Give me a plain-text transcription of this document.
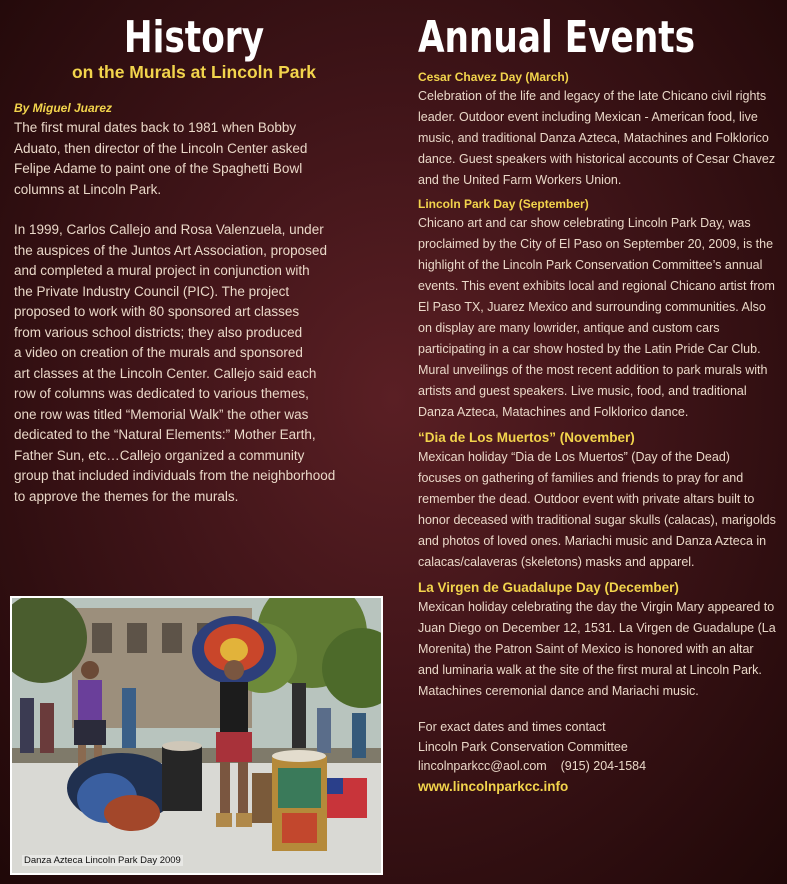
History
on the Murals at Lincoln Park

By Miguel Juarez

The first mural dates back to 1981 when Bobby
Aduato, then director of the Lincoln Center asked
Felipe Adame to paint one of the Spaghetti Bowl
columns at Lincoln Park.

In 1999, Carlos Callejo and Rosa Valenzuela, under
the auspices of the Juntos Art Association, proposed
and completed a mural project in conjunction with
the Private Industry Council (PIC). The project
proposed to work with 80 sponsored art classes
from various school districts; they also produced
a video on creation of the murals and sponsored
art classes at the Lincoln Center. Callejo said each
row of columns was dedicated to various themes,
one row was titled “Memorial Walk” the other was
dedicated to the “Natural Elements:” Mother Earth,
Father Sun, etc…Callejo organized a community
group that included individuals from the neighborhood
to approve the themes for the murals.

Danza Azteca Lincoln Park Day 2009
Annual Events
Cesar Chavez Day (March)

Celebration of the life and legacy of the late Chicano civil rights leader. Outdoor event including Mexican - American food, live music, and traditional Danza Azteca, Matachines and Folklorico dance. Guest speakers with historical accounts of Cesar Chavez and the United Farm Workers Union.

Lincoln Park Day (September)

Chicano art and car show celebrating Lincoln Park Day, was proclaimed by the City of El Paso on September 20, 2009, is the highlight of the Lincoln Park Conservation Committee’s annual events. This event exhibits local and regional Chicano artist from El Paso TX, Juarez Mexico and surrounding communities. Also on display are many lowrider, antique and custom cars participating in a car show hosted by the Latin Pride Car Club. Mural unveilings of the most recent addition to park murals with artists and guest speakers. Live music, food, and traditional Danza Azteca, Matachines and Folklorico dance.

“Dia de Los Muertos” (November)

Mexican holiday “Dia de Los Muertos” (Day of the Dead) focuses on gathering of families and friends to pray for and remember the dead. Outdoor event with private altars built to honor deceased with traditional sugar skulls (calacas), marigolds and photos of loved ones. Mariachi music and Danza Azteca in calacas/calaveras (skeletons) masks and apparel.

La Virgen de Guadalupe Day (December)

Mexican holiday celebrating the day the Virgin Mary appeared to Juan Diego on December 12, 1531. La Virgen de Guadalupe (La Morenita) the Patron Saint of Mexico is honored with an altar and luminaria walk at the site of the first mural at Lincoln Park. Matachines ceremonial dance and Mariachi music.

For exact dates and times contact
Lincoln Park Conservation Committee
lincolnparkcc@aol.com    (915) 204-1584
www.lincolnparkcc.info
